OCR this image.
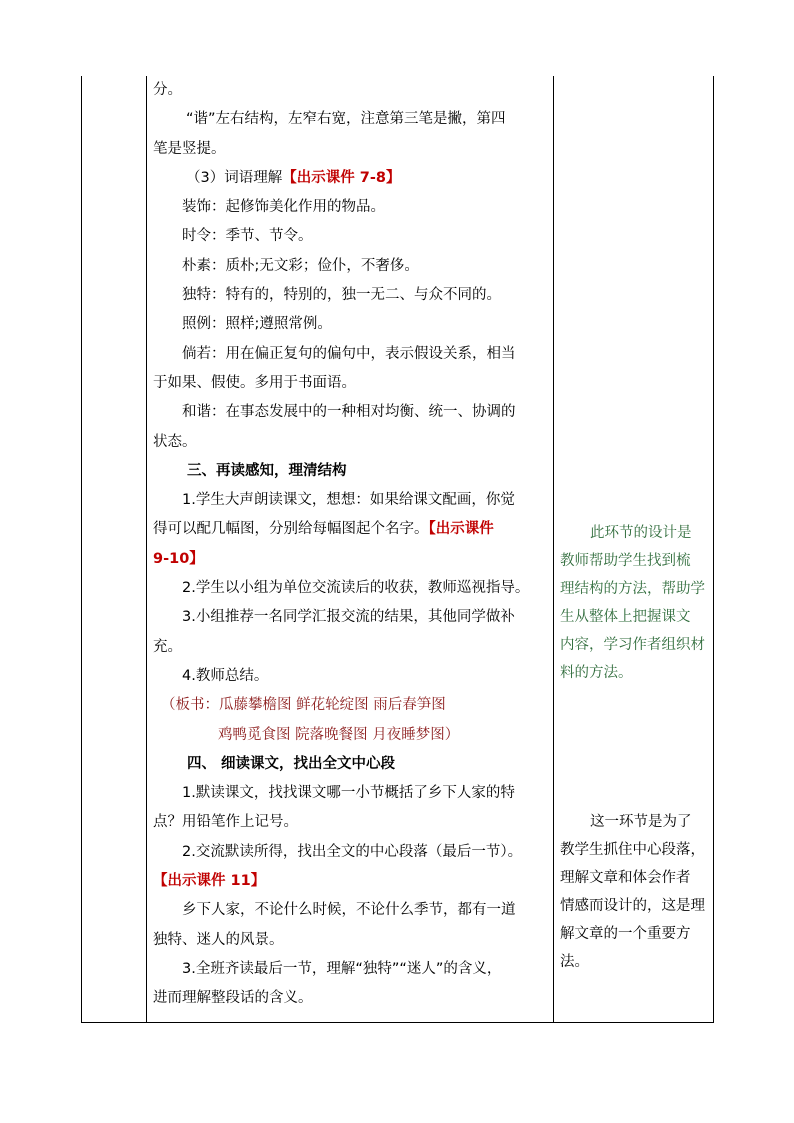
分。

“谐”左右结构，左窄右宽，注意第三笔是撇，第四

笔是竖提。

（3）词语理解【出示课件 7-8】

装饰：起修饰美化作用的物品。

时令：季节、节令。

朴素：质朴;无文彩；俭仆，不奢侈。

独特：特有的，特别的，独一无二、与众不同的。

照例：照样;遵照常例。

倘若：用在偏正复句的偏句中，表示假设关系，相当

于如果、假使。多用于书面语。

和谐：在事态发展中的一种相对均衡、统一、协调的

状态。

三、再读感知，理清结构

1.学生大声朗读课文，想想：如果给课文配画，你觉

得可以配几幅图，分别给每幅图起个名字。【出示课件

9-10】

2.学生以小组为单位交流读后的收获，教师巡视指导。

3.小组推荐一名同学汇报交流的结果，其他同学做补

充。

4.教师总结。

（板书：瓜藤攀檐图 鲜花轮绽图 雨后春笋图

鸡鸭觅食图 院落晚餐图 月夜睡梦图）

四、 细读课文，找出全文中心段

1.默读课文，找找课文哪一小节概括了乡下人家的特

点？用铅笔作上记号。

2.交流默读所得，找出全文的中心段落（最后一节）。

【出示课件 11】

乡下人家，不论什么时候，不论什么季节，都有一道

独特、迷人的风景。

3.全班齐读最后一节，理解“独特”“迷人”的含义，

进而理解整段话的含义。

此环节的设计是

教师帮助学生找到梳

理结构的方法，帮助学

生从整体上把握课文

内容，学习作者组织材

料的方法。

这一环节是为了

教学生抓住中心段落，

理解文章和体会作者

情感而设计的，这是理

解文章的一个重要方

法。
